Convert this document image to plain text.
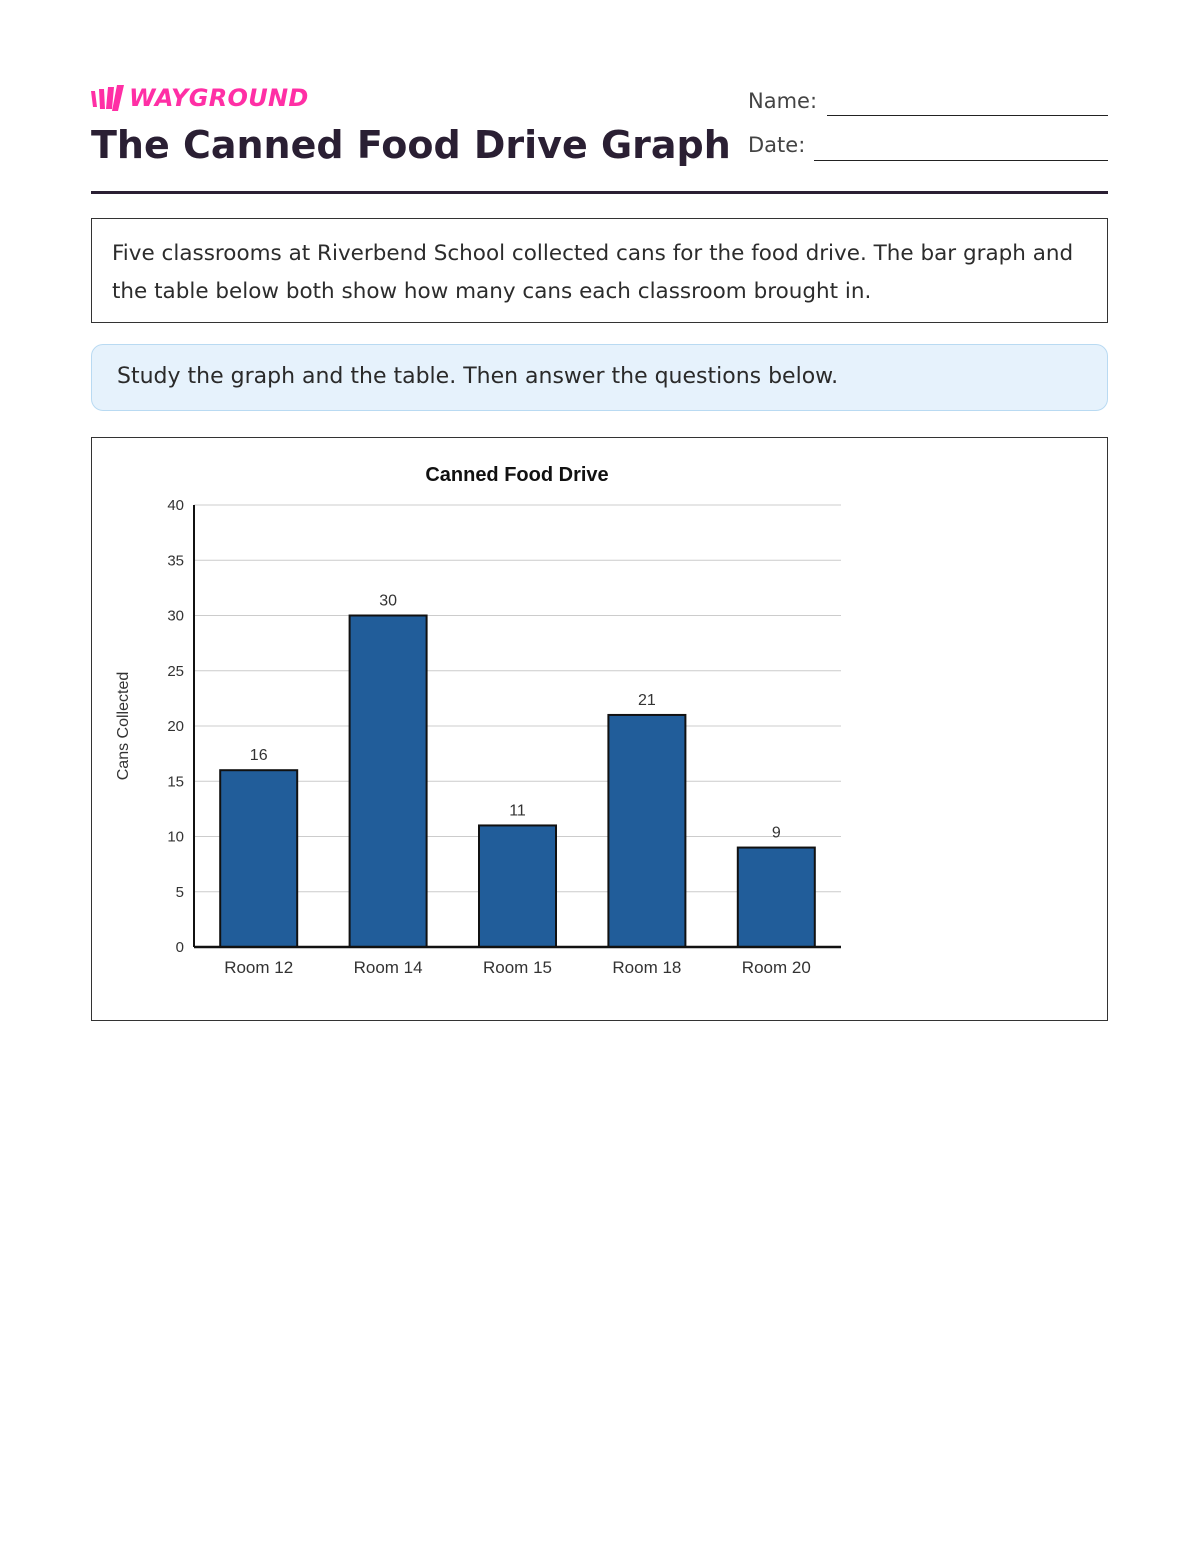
WAYGROUND
The Canned Food Drive Graph
Name:
Date:
Five classrooms at Riverbend School collected cans for the food drive. The bar graph and the table below both show how many cans each classroom brought in.
Study the graph and the table. Then answer the questions below.
Canned Food Drive
Cans Collected	16
30
11
21
9
0
5
10
15
20
25
30
35
40
Room 12	Room 14	Room 15	Room 18	Room 20
